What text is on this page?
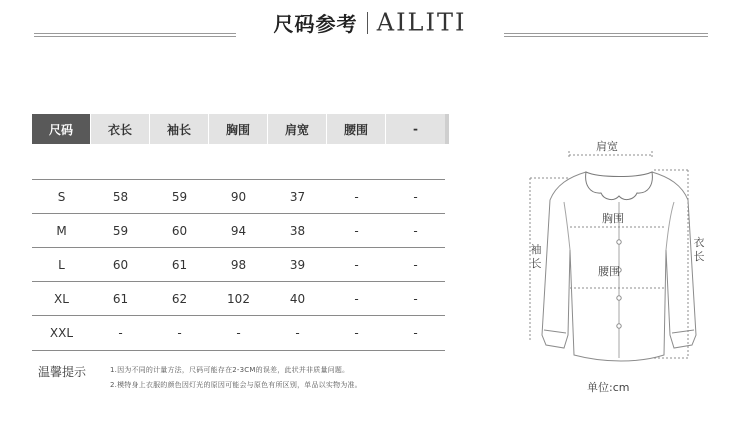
尺码参考 AILITI
尺码	衣长	袖长	胸围	肩宽	腰围	-
S	58	59	90	37	-	-
M	59	60	94	38	-	-
L	60	61	98	39	-	-
XL	61	62	102	40	-	-
XXL	-	-	-	-	-	-
温馨提示	1.因为不同的计量方法，尺码可能存在2-3CM的误差，此状并非质量问题。
2.模特身上衣服的颜色因灯光的原因可能会与原色有所区别，单品以实物为准。
肩宽
胸围
腰围
袖长
衣长
单位:cm
